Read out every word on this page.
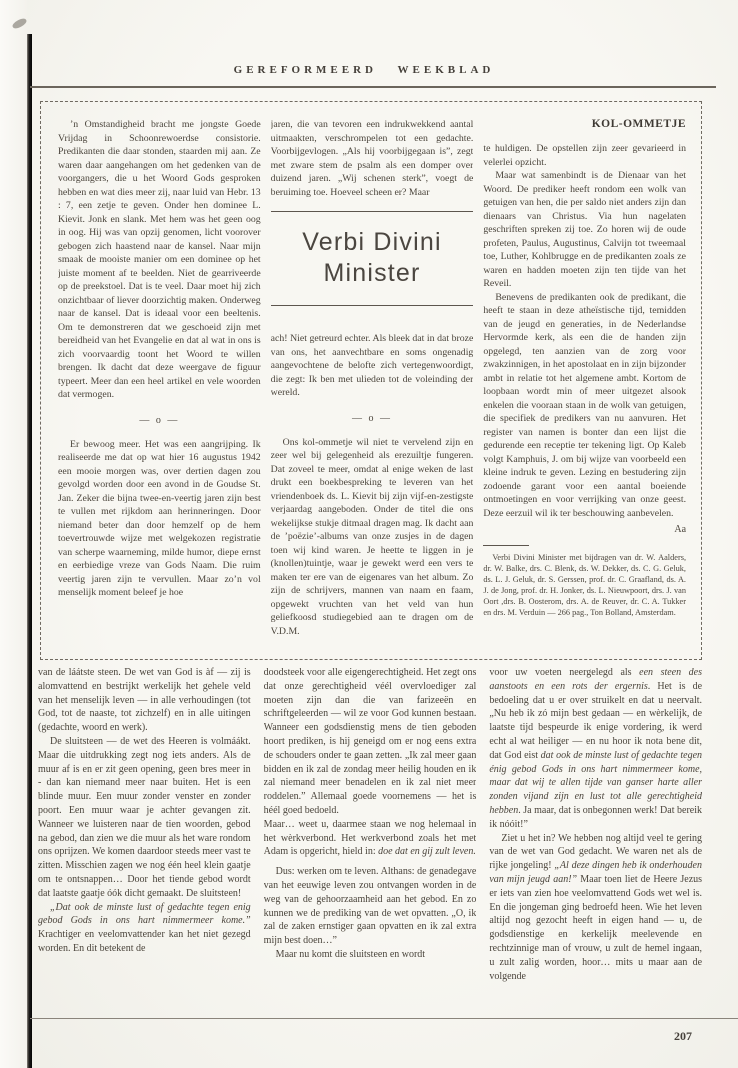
GEREFORMEERD WEEKBLAD

’n Omstandigheid bracht me jongste Goede Vrijdag in Schoonrewoerdse consistorie. Predikanten die daar stonden, staarden mij aan. Ze waren daar aangehangen om het gedenken van de voorgangers, die u het Woord Gods gesproken hebben en wat dies meer zij, naar luid van Hebr. 13 : 7, een zetje te geven. Onder hen dominee L. Kievit. Jonk en slank. Met hem was het geen oog in oog. Hij was van opzij genomen, licht voorover gebogen zich haastend naar de kansel. Naar mijn smaak de mooiste manier om een dominee op het juiste moment af te beelden. Niet de gearriveerde op de preekstoel. Dat is te veel. Daar moet hij zich onzichtbaar of liever doorzichtig maken. Onderweg naar de kansel. Dat is ideaal voor een beeltenis. Om te demonstreren dat we geschoeid zijn met bereidheid van het Evangelie en dat al wat in ons is zich voorvaardig toont het Woord te willen brengen. Ik dacht dat deze weergave de figuur typeert. Meer dan een heel artikel en vele woorden dat vermogen.

— o —

Er bewoog meer. Het was een aangrijping. Ik realiseerde me dat op wat hier 16 augustus 1942 een mooie morgen was, over dertien dagen zou gevolgd worden door een avond in de Goudse St. Jan. Zeker die bijna twee-en-veertig jaren zijn best te vullen met rijkdom aan herinneringen. Door niemand beter dan door hemzelf op de hem toevertrouwde wijze met welgekozen registratie van scherpe waarneming, milde humor, diepe ernst en eerbiedige vreze van Gods Naam. Die ruim veertig jaren zijn te vervullen. Maar zo’n vol menselijk moment beleef je hoe

jaren, die van tevoren een indrukwekkend aantal uitmaakten, verschrompelen tot een gedachte. Voorbijgevlogen. „Als hij voorbijgegaan is”, zegt met zware stem de psalm als een domper over duizend jaren. „Wij schenen sterk”, voegt de beruiming toe. Hoeveel scheen er? Maar

Verbi Divini
Minister

ach! Niet getreurd echter. Als bleek dat in dat broze van ons, het aanvechtbare en soms ongenadig aangevochtene de belofte zich vertegenwoordigt, die zegt: Ik ben met ulieden tot de voleinding der wereld.

— o —

Ons kol-ommetje wil niet te vervelend zijn en zeer wel bij gelegenheid als erezuiltje fungeren. Dat zoveel te meer, omdat al enige weken de last drukt een boekbespreking te leveren van het vriendenboek ds. L. Kievit bij zijn vijf-en-zestigste verjaardag aangeboden. Onder de titel die ons wekelijkse stukje ditmaal dragen mag. Ik dacht aan de ’poëzie’-albums van onze zusjes in de dagen toen wij kind waren. Je heette te liggen in je (knollen)tuintje, waar je gewekt werd een vers te maken ter ere van de eigenares van het album. Zo zijn de schrijvers, mannen van naam en faam, opgewekt vruchten van het veld van hun geliefkoosd studiegebied aan te dragen om de V.D.M.

KOL-OMMETJE

te huldigen. De opstellen zijn zeer gevarieerd in velerlei opzicht.

Maar wat samenbindt is de Dienaar van het Woord. De prediker heeft rondom een wolk van getuigen van hen, die per saldo niet anders zijn dan dienaars van Christus. Via hun nagelaten geschriften spreken zij toe. Zo horen wij de oude profeten, Paulus, Augustinus, Calvijn tot tweemaal toe, Luther, Kohlbrugge en de predikanten zoals ze waren en hadden moeten zijn ten tijde van het Reveil.

Benevens de predikanten ook de predikant, die heeft te staan in deze atheïstische tijd, temidden van de jeugd en generaties, in de Nederlandse Hervormde kerk, als een die de handen zijn opgelegd, ten aanzien van de zorg voor zwakzinnigen, in het apostolaat en in zijn bijzonder ambt in relatie tot het algemene ambt. Kortom de loopbaan wordt min of meer uitgezet alsook enkelen die vooraan staan in de wolk van getuigen, die specifiek de predikers van nu aanvuren. Het register van namen is bonter dan een lijst die gedurende een receptie ter tekening ligt. Op Kaleb volgt Kamphuis, J. om bij wijze van voorbeeld een kleine indruk te geven. Lezing en bestudering zijn zodoende garant voor een aantal boeiende ontmoetingen en voor verrijking van onze geest. Deze eerzuil wil ik ter beschouwing aanbevelen.

Aa

Verbi Divini Minister met bijdragen van dr. W. Aalders, dr. W. Balke, drs. C. Blenk, ds. W. Dekker, ds. C. G. Geluk, ds. L. J. Geluk, dr. S. Gerssen, prof. dr. C. Graafland, ds. A. J. de Jong, prof. dr. H. Jonker, ds. L. Nieuwpoort, drs. J. van Oort ,drs. B. Oosterom, drs. A. de Reuver, dr. C. A. Tukker en drs. M. Verduin — 266 pag., Ton Bolland, Amsterdam.

van de láátste steen. De wet van God is àf — zij is alomvattend en bestrijkt werkelijk het gehele veld van het menselijk leven — in alle verhoudingen (tot God, tot de naaste, tot zichzelf) en in alle uitingen (gedachte, woord en werk).

De sluitsteen — de wet des Heeren is volmáákt. Maar die uitdrukking zegt nog iets anders. Als de muur af is en er zit geen opening, geen bres meer in - dan kan niemand meer naar buiten. Het is een blinde muur. Een muur zonder venster en zonder poort. Een muur waar je achter gevangen zit. Wanneer we luisteren naar de tien woorden, gebod na gebod, dan zien we die muur als het ware rondom ons oprijzen. We komen daardoor steeds meer vast te zitten. Misschien zagen we nog één heel klein gaatje om te ontsnappen… Door het tiende gebod wordt dat laatste gaatje óók dicht gemaakt. De sluitsteen!

„Dat ook de minste lust of gedachte tegen enig gebod Gods in ons hart nimmermeer kome.” Krachtiger en veelomvattender kan het niet gezegd worden. En dit betekent de

doodsteek voor alle eigengerechtigheid. Het zegt ons dat onze gerechtigheid véél overvloediger zal moeten zijn dan die van farizeeën en schriftgeleerden — wil ze voor God kunnen bestaan. Wanneer een godsdienstig mens de tien geboden hoort prediken, is hij geneigd om er nog eens extra de schouders onder te gaan zetten. „Ik zal meer gaan bidden en ik zal de zondag meer heilig houden en ik zal niemand meer benadelen en ik zal niet meer roddelen.” Allemaal goede voornemens — het is héél goed bedoeld.

Maar… weet u, daarmee staan we nog helemaal in het wèrkverbond. Het werkverbond zoals het met Adam is opgericht, hield in: doe dat en gij zult leven.

Dus: werken om te leven. Althans: de genadegave van het eeuwige leven zou ontvangen worden in de weg van de gehoorzaamheid aan het gebod. En zo kunnen we de prediking van de wet opvatten. „O, ik zal de zaken ernstiger gaan opvatten en ik zal extra mijn best doen…”

Maar nu komt die sluitsteen en wordt

voor uw voeten neergelegd als een steen des aanstoots en een rots der ergernis. Het is de bedoeling dat u er over struikelt en dat u neervalt. „Nu heb ik zó mijn best gedaan — en wèrkelijk, de laatste tijd bespeurde ik enige vordering, ik werd echt al wat heiliger — en nu hoor ik nota bene dit, dat God eist dat ook de minste lust of gedachte tegen énig gebod Gods in ons hart nimmermeer kome, maar dat wij te allen tijde van ganser harte aller zonden vijand zijn en lust tot alle gerechtigheid hebben. Ja maar, dat is onbegonnen werk! Dat bereik ik nóóit!”

Ziet u het in? We hebben nog altijd veel te gering van de wet van God gedacht. We waren net als de rijke jongeling! „Al deze dingen heb ik onderhouden van mijn jeugd aan!” Maar toen liet de Heere Jezus er iets van zien hoe veelomvattend Gods wet wel is. En die jongeman ging bedroefd heen. Wie het leven altijd nog gezocht heeft in eigen hand — u, de godsdienstige en kerkelijk meelevende en rechtzinnige man of vrouw, u zult de hemel ingaan, u zult zalig worden, hoor… mits u maar aan de volgende

207
